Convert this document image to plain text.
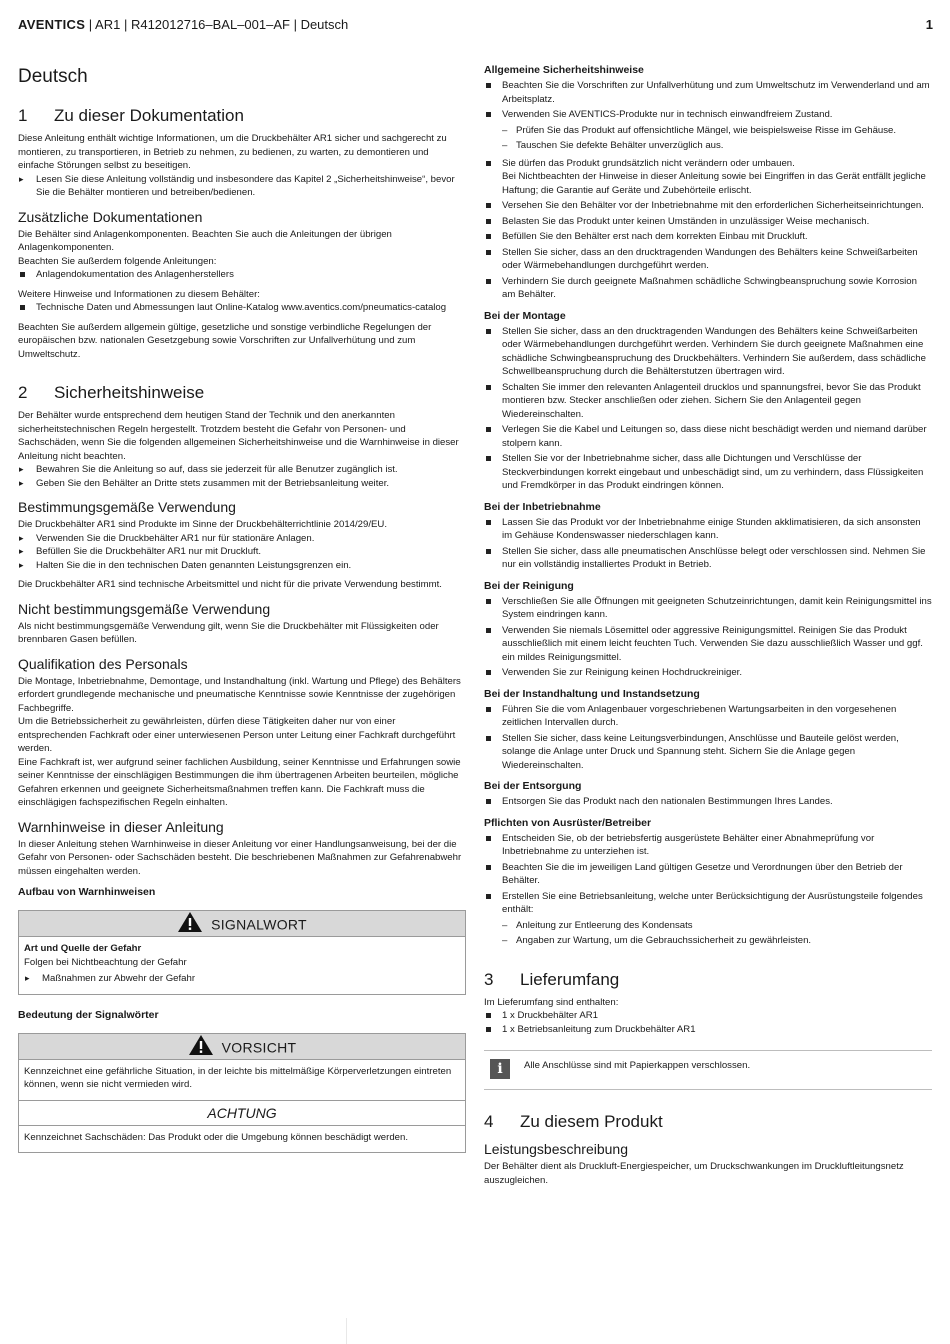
AVENTICS | AR1 | R412012716–BAL–001–AF | Deutsch	1
Deutsch
1 Zu dieser Dokumentation

Diese Anleitung enthält wichtige Informationen, um die Druckbehälter AR1 sicher und sachgerecht zu montieren, zu transportieren, in Betrieb zu nehmen, zu bedienen, zu warten, zu demontieren und einfache Störungen selbst zu beseitigen.

▸ Lesen Sie diese Anleitung vollständig und insbesondere das Kapitel 2 „Sicherheitshinweise“, bevor Sie die Behälter montieren und betreiben/bedienen.
Zusätzliche Dokumentationen

Die Behälter sind Anlagenkomponenten. Beachten Sie auch die Anleitungen der übrigen Anlagenkomponenten.

Beachten Sie außerdem folgende Anleitungen:

Anlagendokumentation des Anlagenherstellers

Weitere Hinweise und Informationen zu diesem Behälter:

Technische Daten und Abmessungen laut Online-Katalog www.aventics.com/pneumatics-catalog

Beachten Sie außerdem allgemein gültige, gesetzliche und sonstige verbindliche Regelungen der europäischen bzw. nationalen Gesetzgebung sowie Vorschriften zur Unfallverhütung und zum Umweltschutz.

2 Sicherheitshinweise

Der Behälter wurde entsprechend dem heutigen Stand der Technik und den anerkannten sicherheitstechnischen Regeln hergestellt. Trotzdem besteht die Gefahr von Personen- und Sachschäden, wenn Sie die folgenden allgemeinen Sicherheitshinweise und die Warnhinweise in dieser Anleitung nicht beachten.

▸ Bewahren Sie die Anleitung so auf, dass sie jederzeit für alle Benutzer zugänglich ist.
▸ Geben Sie den Behälter an Dritte stets zusammen mit der Betriebsanleitung weiter.
Bestimmungsgemäße Verwendung

Die Druckbehälter AR1 sind Produkte im Sinne der Druckbehälterrichtlinie 2014/29/EU.

▸ Verwenden Sie die Druckbehälter AR1 nur für stationäre Anlagen.
▸ Befüllen Sie die Druckbehälter AR1 nur mit Druckluft.
▸ Halten Sie die in den technischen Daten genannten Leistungsgrenzen ein.

Die Druckbehälter AR1 sind technische Arbeitsmittel und nicht für die private Verwendung bestimmt.

Nicht bestimmungsgemäße Verwendung

Als nicht bestimmungsgemäße Verwendung gilt, wenn Sie die Druckbehälter mit Flüssigkeiten oder brennbaren Gasen befüllen.

Qualifikation des Personals

Die Montage, Inbetriebnahme, Demontage, und Instandhaltung (inkl. Wartung und Pflege) des Behälters erfordert grundlegende mechanische und pneumatische Kenntnisse sowie Kenntnisse der zugehörigen Fachbegriffe.

Um die Betriebssicherheit zu gewährleisten, dürfen diese Tätigkeiten daher nur von einer entsprechenden Fachkraft oder einer unterwiesenen Person unter Leitung einer Fachkraft durchgeführt werden.

Eine Fachkraft ist, wer aufgrund seiner fachlichen Ausbildung, seiner Kenntnisse und Erfahrungen sowie seiner Kenntnisse der einschlägigen Bestimmungen die ihm übertragenen Arbeiten beurteilen, mögliche Gefahren erkennen und geeignete Sicherheitsmaßnahmen treffen kann. Die Fachkraft muss die einschlägigen fachspezifischen Regeln einhalten.

Warnhinweise in dieser Anleitung

In dieser Anleitung stehen Warnhinweise in dieser Anleitung vor einer Handlungsanweisung, bei der die Gefahr von Personen- oder Sachschäden besteht. Die beschriebenen Maßnahmen zur Gefahrenabwehr müssen eingehalten werden.

Aufbau von Warnhinweisen
SIGNALWORT
Art und Quelle der Gefahr

Folgen bei Nichtbeachtung der Gefahr

▸ Maßnahmen zur Abwehr der Gefahr
Bedeutung der Signalwörter
VORSICHT

Kennzeichnet eine gefährliche Situation, in der leichte bis mittelmäßige Körperverletzungen eintreten können, wenn sie nicht vermieden wird.

ACHTUNG

Kennzeichnet Sachschäden: Das Produkt oder die Umgebung können beschädigt werden.

Allgemeine Sicherheitshinweise
Beachten Sie die Vorschriften zur Unfallverhütung und zum Umweltschutz im Verwenderland und am Arbeitsplatz.
Verwenden Sie AVENTICS-Produkte nur in technisch einwandfreiem Zustand.
– Prüfen Sie das Produkt auf offensichtliche Mängel, wie beispielsweise Risse im Gehäuse.
– Tauschen Sie defekte Behälter unverzüglich aus.
Sie dürfen das Produkt grundsätzlich nicht verändern oder umbauen.
Bei Nichtbeachten der Hinweise in dieser Anleitung sowie bei Eingriffen in das Gerät entfällt jegliche Haftung; die Garantie auf Geräte und Zubehörteile erlischt.
Versehen Sie den Behälter vor der Inbetriebnahme mit den erforderlichen Sicherheitseinrichtungen.
Belasten Sie das Produkt unter keinen Umständen in unzulässiger Weise mechanisch.
Befüllen Sie den Behälter erst nach dem korrekten Einbau mit Druckluft.
Stellen Sie sicher, dass an den drucktragenden Wandungen des Behälters keine Schweißarbeiten oder Wärmebehandlungen durchgeführt werden.
Verhindern Sie durch geeignete Maßnahmen schädliche Schwingbeanspruchung sowie Korrosion am Behälter.
Bei der Montage
Stellen Sie sicher, dass an den drucktragenden Wandungen des Behälters keine Schweißarbeiten oder Wärmebehandlungen durchgeführt werden. Verhindern Sie durch geeignete Maßnahmen eine schädliche Schwingbeanspruchung des Druckbehälters. Verhindern Sie außerdem, dass schädliche Schwellbeanspruchung durch die Behälterstutzen übertragen wird.
Schalten Sie immer den relevanten Anlagenteil drucklos und spannungsfrei, bevor Sie das Produkt montieren bzw. Stecker anschließen oder ziehen. Sichern Sie den Anlagenteil gegen Wiedereinschalten.
Verlegen Sie die Kabel und Leitungen so, dass diese nicht beschädigt werden und niemand darüber stolpern kann.
Stellen Sie vor der Inbetriebnahme sicher, dass alle Dichtungen und Verschlüsse der Steckverbindungen korrekt eingebaut und unbeschädigt sind, um zu verhindern, dass Flüssigkeiten und Fremdkörper in das Produkt eindringen können.
Bei der Inbetriebnahme
Lassen Sie das Produkt vor der Inbetriebnahme einige Stunden akklimatisieren, da sich ansonsten im Gehäuse Kondenswasser niederschlagen kann.
Stellen Sie sicher, dass alle pneumatischen Anschlüsse belegt oder verschlossen sind. Nehmen Sie nur ein vollständig installiertes Produkt in Betrieb.
Bei der Reinigung
Verschließen Sie alle Öffnungen mit geeigneten Schutzeinrichtungen, damit kein Reinigungsmittel ins System eindringen kann.
Verwenden Sie niemals Lösemittel oder aggressive Reinigungsmittel. Reinigen Sie das Produkt ausschließlich mit einem leicht feuchten Tuch. Verwenden Sie dazu ausschließlich Wasser und ggf. ein mildes Reinigungsmittel.
Verwenden Sie zur Reinigung keinen Hochdruckreiniger.
Bei der Instandhaltung und Instandsetzung
Führen Sie die vom Anlagenbauer vorgeschriebenen Wartungsarbeiten in den vorgesehenen zeitlichen Intervallen durch.
Stellen Sie sicher, dass keine Leitungsverbindungen, Anschlüsse und Bauteile gelöst werden, solange die Anlage unter Druck und Spannung steht. Sichern Sie die Anlage gegen Wiedereinschalten.
Bei der Entsorgung
Entsorgen Sie das Produkt nach den nationalen Bestimmungen Ihres Landes.
Pflichten von Ausrüster/Betreiber
Entscheiden Sie, ob der betriebsfertig ausgerüstete Behälter einer Abnahmeprüfung vor Inbetriebnahme zu unterziehen ist.
Beachten Sie die im jeweiligen Land gültigen Gesetze und Verordnungen über den Betrieb der Behälter.
Erstellen Sie eine Betriebsanleitung, welche unter Berücksichtigung der Ausrüstungsteile folgendes enthält:
– Anleitung zur Entleerung des Kondensats
– Angaben zur Wartung, um die Gebrauchssicherheit zu gewährleisten.
3 Lieferumfang

Im Lieferumfang sind enthalten:

1 x Druckbehälter AR1
1 x Betriebsanleitung zum Druckbehälter AR1
i	Alle Anschlüsse sind mit Papierkappen verschlossen.

4 Zu diesem Produkt
Leistungsbeschreibung

Der Behälter dient als Druckluft-Energiespeicher, um Druckschwankungen im Druckluftleitungsnetz auszugleichen.
